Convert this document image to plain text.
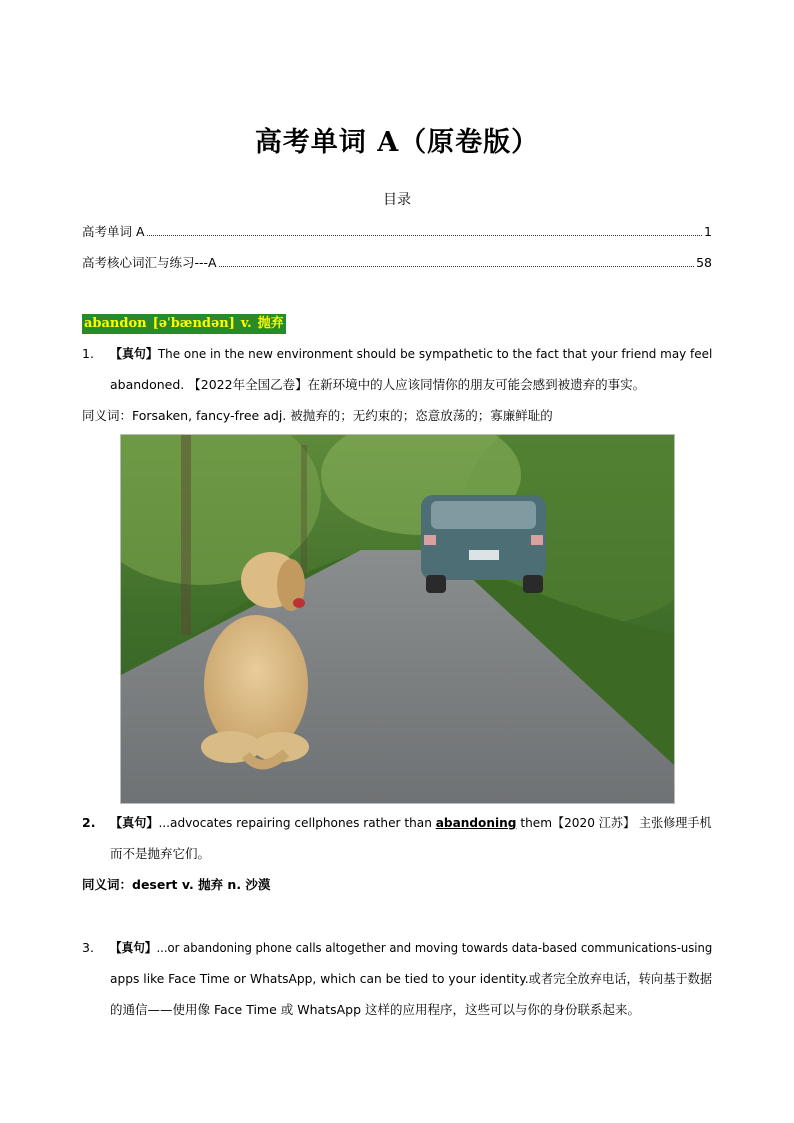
高考单词 A（原卷版）
目录
高考单词 A	1
高考核心词汇与练习---A	58
abandon [əˈbændən] v. 抛弃
1. 【真句】The one in the new environment should be sympathetic to the fact that your friend may feel
abandoned. 【2022年全国乙卷】在新环境中的人应该同情你的朋友可能会感到被遗弃的事实。
同义词：Forsaken, fancy-free adj. 被抛弃的；无约束的；恣意放荡的；寡廉鲜耻的
2. 【真句】...advocates repairing cellphones rather than abandoning them【2020 江苏】 主张修理手机
而不是抛弃它们。
同义词：desert v. 抛弃 n. 沙漠
3. 【真句】...or abandoning phone calls altogether and moving towards data-based communications-using
apps like Face Time or WhatsApp, which can be tied to your identity.或者完全放弃电话，转向基于数据
的通信——使用像 Face Time 或 WhatsApp 这样的应用程序，这些可以与你的身份联系起来。
